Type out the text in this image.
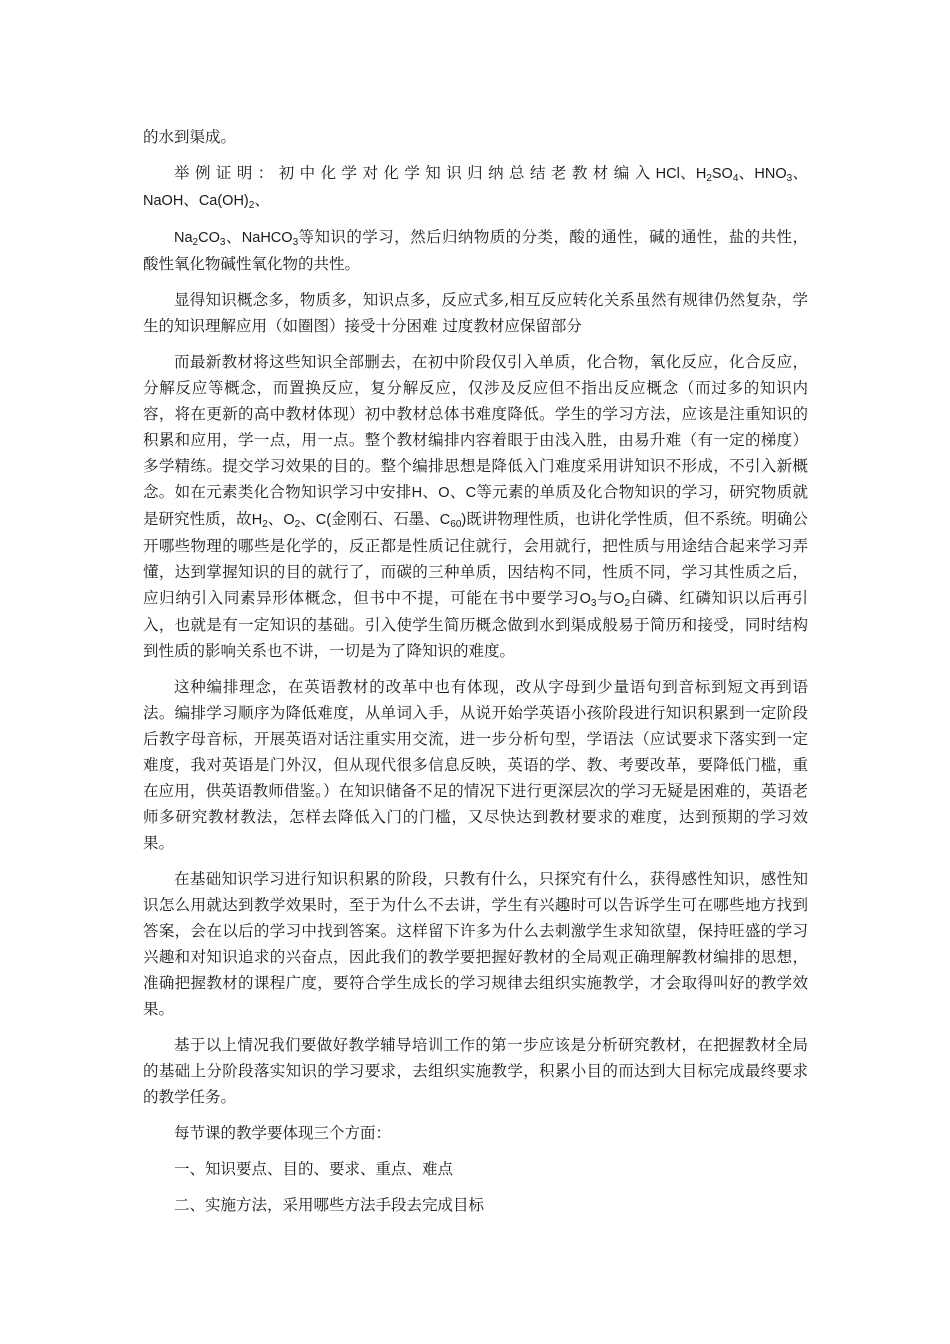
的水到渠成。

举 例 证 明 ： 初 中 化 学 对 化 学 知 识 归 纳 总 结 老 教 材 编 入 HCl、$H_2SO_4$、$HNO_3$、NaOH、$Ca(OH)_2$、

$Na_2CO_3$、NaHCO$_3$等知识的学习，然后归纳物质的分类，酸的通性，碱的通性，盐的共性，酸性氧化物碱性氧化物的共性。

显得知识概念多，物质多，知识点多，反应式多,相互反应转化关系虽然有规律仍然复杂，学生的知识理解应用（如圈图）接受十分困难 过度教材应保留部分

而最新教材将这些知识全部删去，在初中阶段仅引入单质，化合物，氧化反应，化合反应，分解反应等概念，而置换反应，复分解反应，仅涉及反应但不指出反应概念（而过多的知识内容，将在更新的高中教材体现）初中教材总体书难度降低。学生的学习方法，应该是注重知识的积累和应用，学一点，用一点。整个教材编排内容着眼于由浅入胜，由易升难（有一定的梯度）多学精练。提交学习效果的目的。整个编排思想是降低入门难度采用讲知识不形成，不引入新概念。如在元素类化合物知识学习中安排H、O、C等元素的单质及化合物知识的学习，研究物质就是研究性质，故$H_2$、$O_2$、C(金刚石、石墨、$C_{60}$)既讲物理性质，也讲化学性质，但不系统。明确公开哪些物理的哪些是化学的，反正都是性质记住就行，会用就行，把性质与用途结合起来学习弄懂，达到掌握知识的目的就行了，而碳的三种单质，因结构不同，性质不同，学习其性质之后，应归纳引入同素异形体概念，但书中不提，可能在书中要学习$O_3$与$O_2$白磷、红磷知识以后再引入，也就是有一定知识的基础。引入使学生简历概念做到水到渠成般易于简历和接受，同时结构到性质的影响关系也不讲，一切是为了降知识的难度。

这种编排理念，在英语教材的改革中也有体现，改从字母到少量语句到音标到短文再到语法。编排学习顺序为降低难度，从单词入手，从说开始学英语小孩阶段进行知识积累到一定阶段后教字母音标，开展英语对话注重实用交流，进一步分析句型，学语法（应试要求下落实到一定难度，我对英语是门外汉，但从现代很多信息反映，英语的学、教、考要改革，要降低门槛，重在应用，供英语教师借鉴。）在知识储备不足的情况下进行更深层次的学习无疑是困难的，英语老师多研究教材教法，怎样去降低入门的门槛，又尽快达到教材要求的难度，达到预期的学习效果。

在基础知识学习进行知识积累的阶段，只教有什么，只探究有什么，获得感性知识，感性知识怎么用就达到教学效果时，至于为什么不去讲，学生有兴趣时可以告诉学生可在哪些地方找到答案，会在以后的学习中找到答案。这样留下许多为什么去刺激学生求知欲望，保持旺盛的学习兴趣和对知识追求的兴奋点，因此我们的教学要把握好教材的全局观正确理解教材编排的思想，准确把握教材的课程广度，要符合学生成长的学习规律去组织实施教学，才会取得叫好的教学效果。

基于以上情况我们要做好教学辅导培训工作的第一步应该是分析研究教材，在把握教材全局的基础上分阶段落实知识的学习要求，去组织实施教学，积累小目的而达到大目标完成最终要求的教学任务。

每节课的教学要体现三个方面：

一、知识要点、目的、要求、重点、难点

二、实施方法，采用哪些方法手段去完成目标
